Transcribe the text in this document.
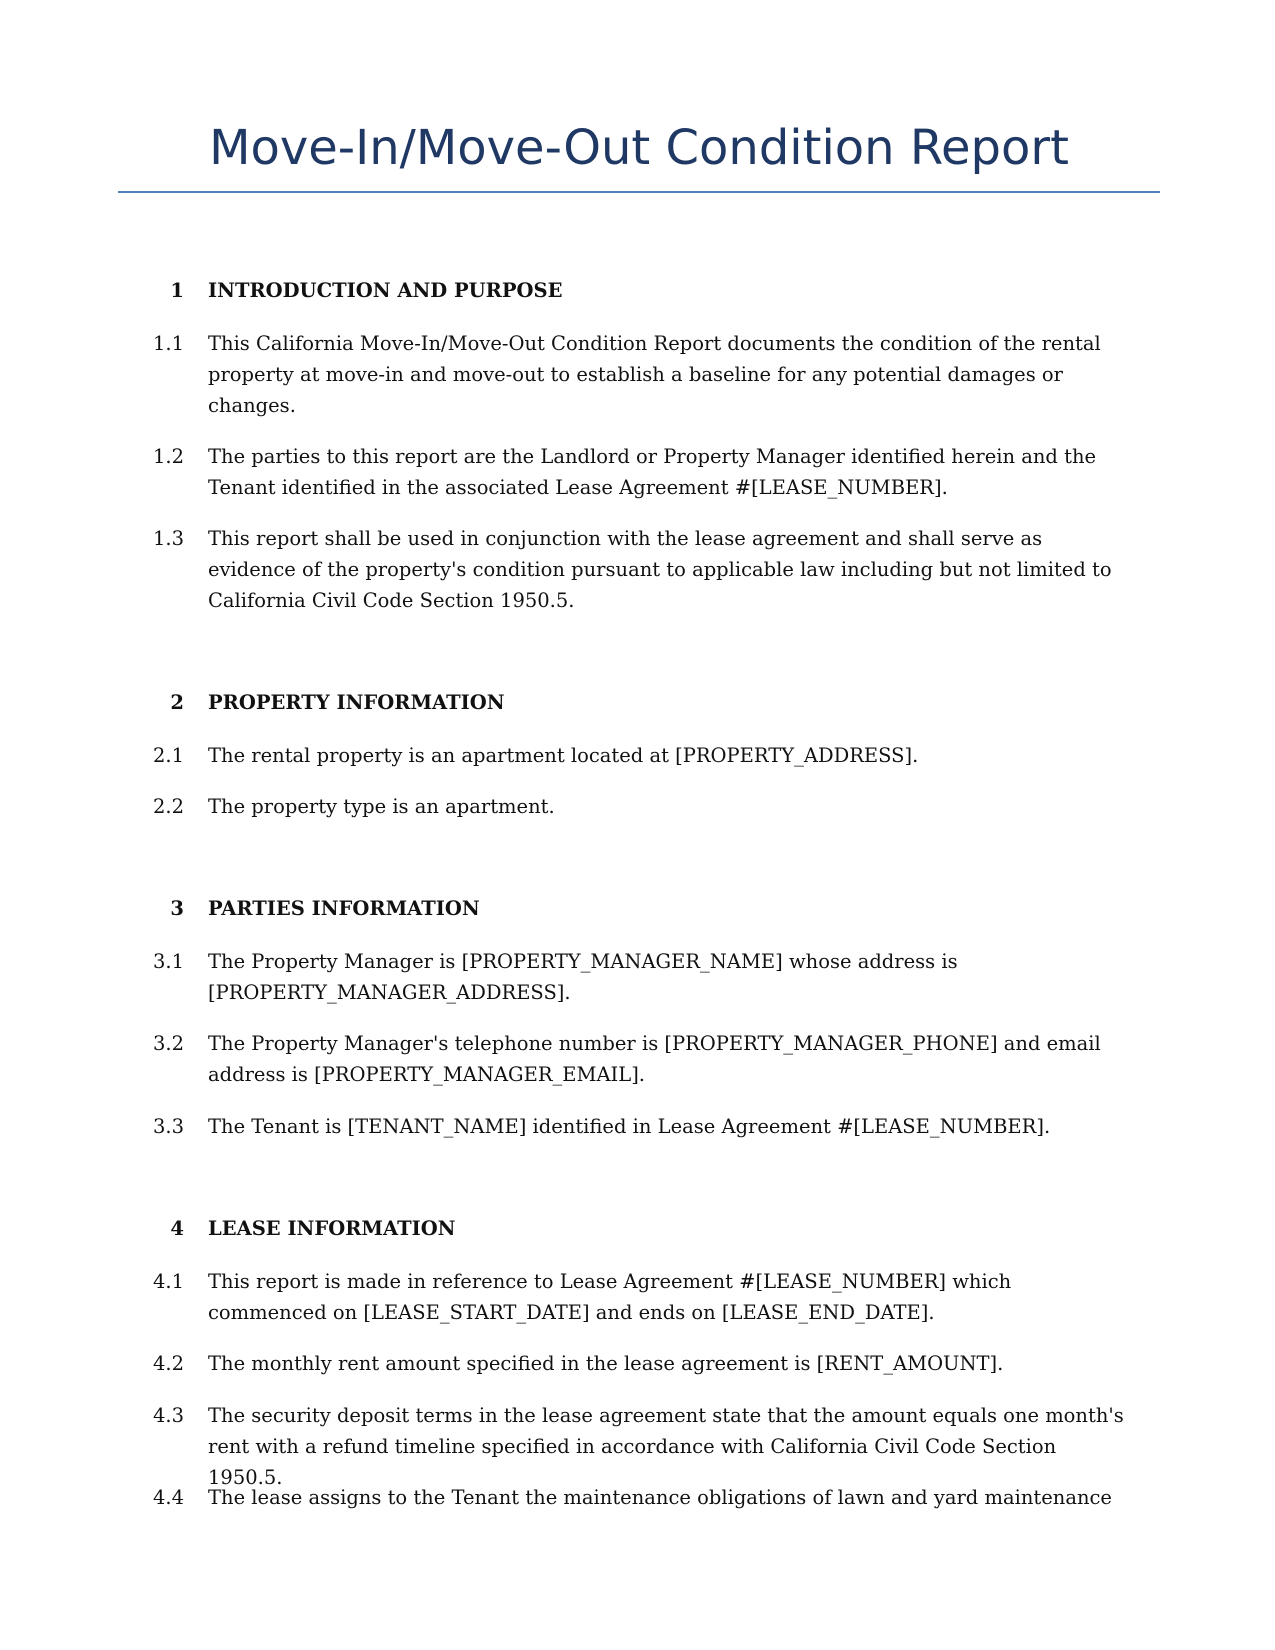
Move-In/Move-Out Condition Report
1 INTRODUCTION AND PURPOSE
1.1 This California Move-In/Move-Out Condition Report documents the condition of the rental property at move-in and move-out to establish a baseline for any potential damages or changes.
1.2 The parties to this report are the Landlord or Property Manager identified herein and the Tenant identified in the associated Lease Agreement #[LEASE_NUMBER].
1.3 This report shall be used in conjunction with the lease agreement and shall serve as evidence of the property's condition pursuant to applicable law including but not limited to California Civil Code Section 1950.5.
2 PROPERTY INFORMATION
2.1 The rental property is an apartment located at [PROPERTY_ADDRESS].
2.2 The property type is an apartment.
3 PARTIES INFORMATION
3.1 The Property Manager is [PROPERTY_MANAGER_NAME] whose address is [PROPERTY_MANAGER_ADDRESS].
3.2 The Property Manager's telephone number is [PROPERTY_MANAGER_PHONE] and email address is [PROPERTY_MANAGER_EMAIL].
3.3 The Tenant is [TENANT_NAME] identified in Lease Agreement #[LEASE_NUMBER].
4 LEASE INFORMATION
4.1 This report is made in reference to Lease Agreement #[LEASE_NUMBER] which commenced on [LEASE_START_DATE] and ends on [LEASE_END_DATE].
4.2 The monthly rent amount specified in the lease agreement is [RENT_AMOUNT].
4.3 The security deposit terms in the lease agreement state that the amount equals one month's rent with a refund timeline specified in accordance with California Civil Code Section 1950.5.
4.4 The lease assigns to the Tenant the maintenance obligations of lawn and yard maintenance
